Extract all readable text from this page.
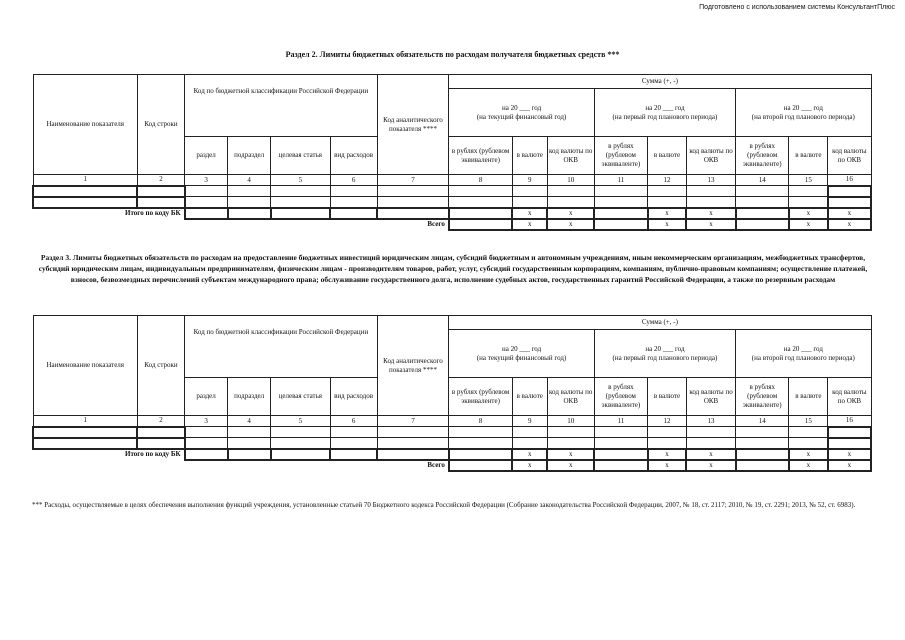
Подготовлено с использованием системы КонсультантПлюс
Раздел 2. Лимиты бюджетных обязательств по расходам получателя бюджетных средств ***
Наименование показателя	Код строки	Код по бюджетной классификации Российской Федерации				Код аналитического показателя ****	Сумма (+, -)								
							на 20 ___ год
(на текущий финансовый год)			на 20 ___ год
(на первый год планового периода)			на 20 ___ год
(на второй год планового периода)		
		раздел	подраздел	целевая статья	вид расходов		в рублях (рублевом эквиваленте)	в валюте	код валюты по ОКВ	в рублях (рублевом эквиваленте)	в валюте	код валюты по ОКВ	в рублях (рублевом эквиваленте)	в валюте	код валюты по ОКВ
1	2	3	4	5	6	7	8	9	10	11	12	13	14	15	16

Итого по коду БК								x	x		x	x		x	x
Всего								x	x		x	x		x	x
Раздел 3. Лимиты бюджетных обязательств по расходам на предоставление бюджетных инвестиций юридическим лицам, субсидий бюджетным и автономным учреждениям, иным некоммерческим организациям, межбюджетных трансфертов, субсидий юридическим лицам, индивидуальным предпринимателям, физическим лицам - производителям товаров, работ, услуг, субсидий государственным корпорациям, компаниям, публично-правовым компаниям; осуществление платежей, взносов, безвозмездных перечислений субъектам международного права; обслуживание государственного долга, исполнение судебных актов, государственных гарантий Российской Федерации, а также по резервным расходам
Наименование показателя	Код строки	Код по бюджетной классификации Российской Федерации				Код аналитического показателя ****	Сумма (+, -)								
							на 20 ___ год
(на текущий финансовый год)			на 20 ___ год
(на первый год планового периода)			на 20 ___ год
(на второй год планового периода)		
		раздел	подраздел	целевая статья	вид расходов		в рублях (рублевом эквиваленте)	в валюте	код валюты по ОКВ	в рублях (рублевом эквиваленте)	в валюте	код валюты по ОКВ	в рублях (рублевом эквиваленте)	в валюте	код валюты по ОКВ
1	2	3	4	5	6	7	8	9	10	11	12	13	14	15	16

Итого по коду БК								x	x		x	x		x	x
Всего								x	x		x	x		x	x
*** Расходы, осуществляемые в целях обеспечения выполнения функций учреждения, установленные статьей 70 Бюджетного кодекса Российской Федерации (Собрание законодательства Российской Федерации, 2007, № 18, ст. 2117; 2010, № 19, ст. 2291; 2013, № 52, ст. 6983).
